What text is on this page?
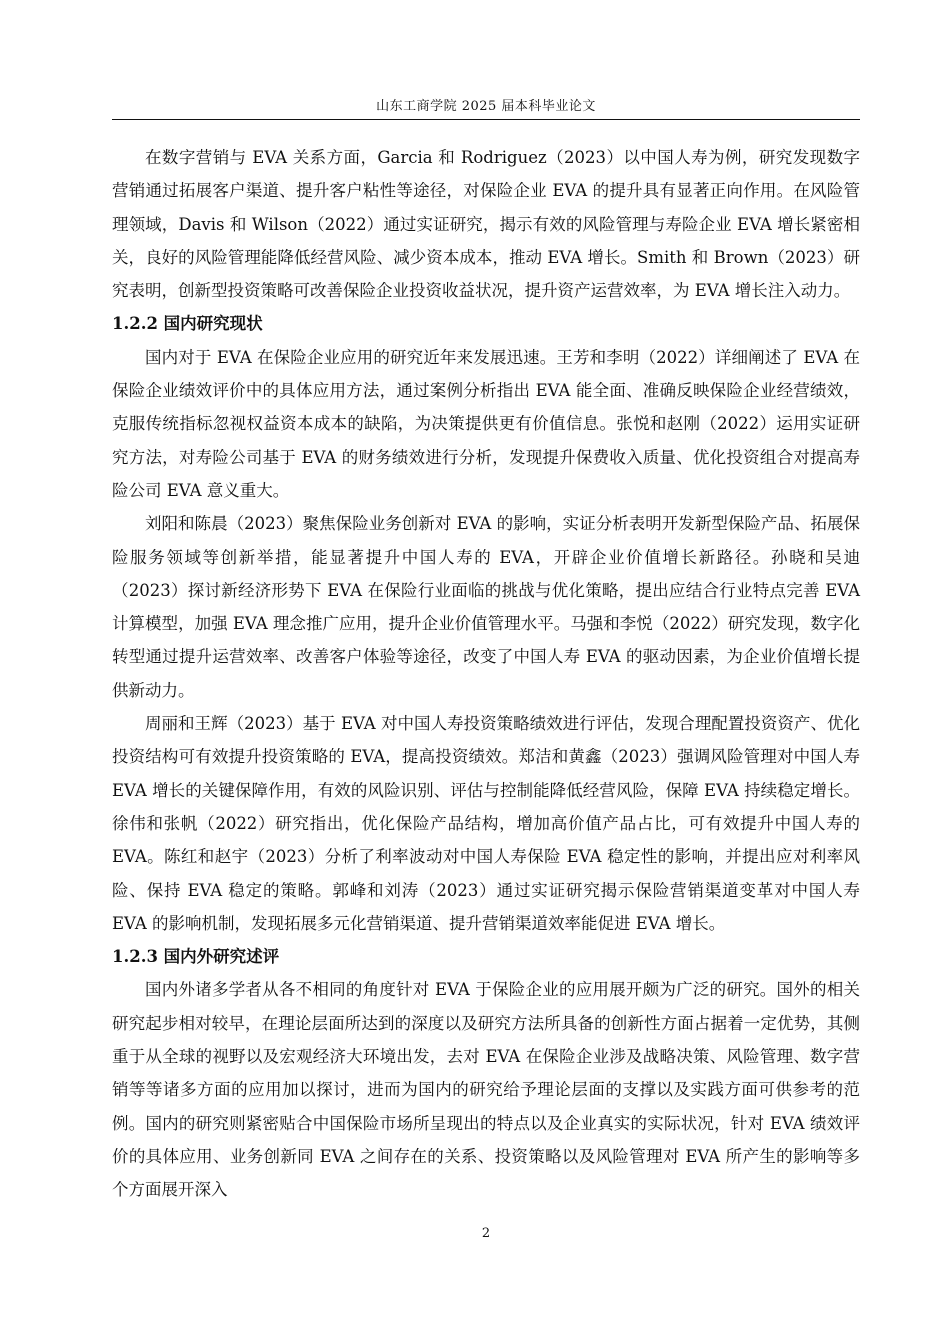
山东工商学院 2025 届本科毕业论文

在数字营销与 EVA 关系方面，Garcia 和 Rodriguez（2023）以中国人寿为例，研究发现数字营销通过拓展客户渠道、提升客户粘性等途径，对保险企业 EVA 的提升具有显著正向作用。在风险管理领域，Davis 和 Wilson（2022）通过实证研究，揭示有效的风险管理与寿险企业 EVA 增长紧密相关，良好的风险管理能降低经营风险、减少资本成本，推动 EVA 增长。Smith 和 Brown（2023）研究表明，创新型投资策略可改善保险企业投资收益状况，提升资产运营效率，为 EVA 增长注入动力。

1.2.2 国内研究现状

国内对于 EVA 在保险企业应用的研究近年来发展迅速。王芳和李明（2022）详细阐述了 EVA 在保险企业绩效评价中的具体应用方法，通过案例分析指出 EVA 能全面、准确反映保险企业经营绩效，克服传统指标忽视权益资本成本的缺陷，为决策提供更有价值信息。张悦和赵刚（2022）运用实证研究方法，对寿险公司基于 EVA 的财务绩效进行分析，发现提升保费收入质量、优化投资组合对提高寿险公司 EVA 意义重大。

刘阳和陈晨（2023）聚焦保险业务创新对 EVA 的影响，实证分析表明开发新型保险产品、拓展保险服务领域等创新举措，能显著提升中国人寿的 EVA，开辟企业价值增长新路径。孙晓和吴迪（2023）探讨新经济形势下 EVA 在保险行业面临的挑战与优化策略，提出应结合行业特点完善 EVA 计算模型，加强 EVA 理念推广应用，提升企业价值管理水平。马强和李悦（2022）研究发现，数字化转型通过提升运营效率、改善客户体验等途径，改变了中国人寿 EVA 的驱动因素，为企业价值增长提供新动力。

周丽和王辉（2023）基于 EVA 对中国人寿投资策略绩效进行评估，发现合理配置投资资产、优化投资结构可有效提升投资策略的 EVA，提高投资绩效。郑洁和黄鑫（2023）强调风险管理对中国人寿 EVA 增长的关键保障作用，有效的风险识别、评估与控制能降低经营风险，保障 EVA 持续稳定增长。徐伟和张帆（2022）研究指出，优化保险产品结构，增加高价值产品占比，可有效提升中国人寿的 EVA。陈红和赵宇（2023）分析了利率波动对中国人寿保险 EVA 稳定性的影响，并提出应对利率风险、保持 EVA 稳定的策略。郭峰和刘涛（2023）通过实证研究揭示保险营销渠道变革对中国人寿 EVA 的影响机制，发现拓展多元化营销渠道、提升营销渠道效率能促进 EVA 增长。

1.2.3 国内外研究述评

国内外诸多学者从各不相同的角度针对 EVA 于保险企业的应用展开颇为广泛的研究。国外的相关研究起步相对较早，在理论层面所达到的深度以及研究方法所具备的创新性方面占据着一定优势，其侧重于从全球的视野以及宏观经济大环境出发，去对 EVA 在保险企业涉及战略决策、风险管理、数字营销等等诸多方面的应用加以探讨，进而为国内的研究给予理论层面的支撑以及实践方面可供参考的范例。国内的研究则紧密贴合中国保险市场所呈现出的特点以及企业真实的实际状况，针对 EVA 绩效评价的具体应用、业务创新同 EVA 之间存在的关系、投资策略以及风险管理对 EVA 所产生的影响等多个方面展开深入

2
